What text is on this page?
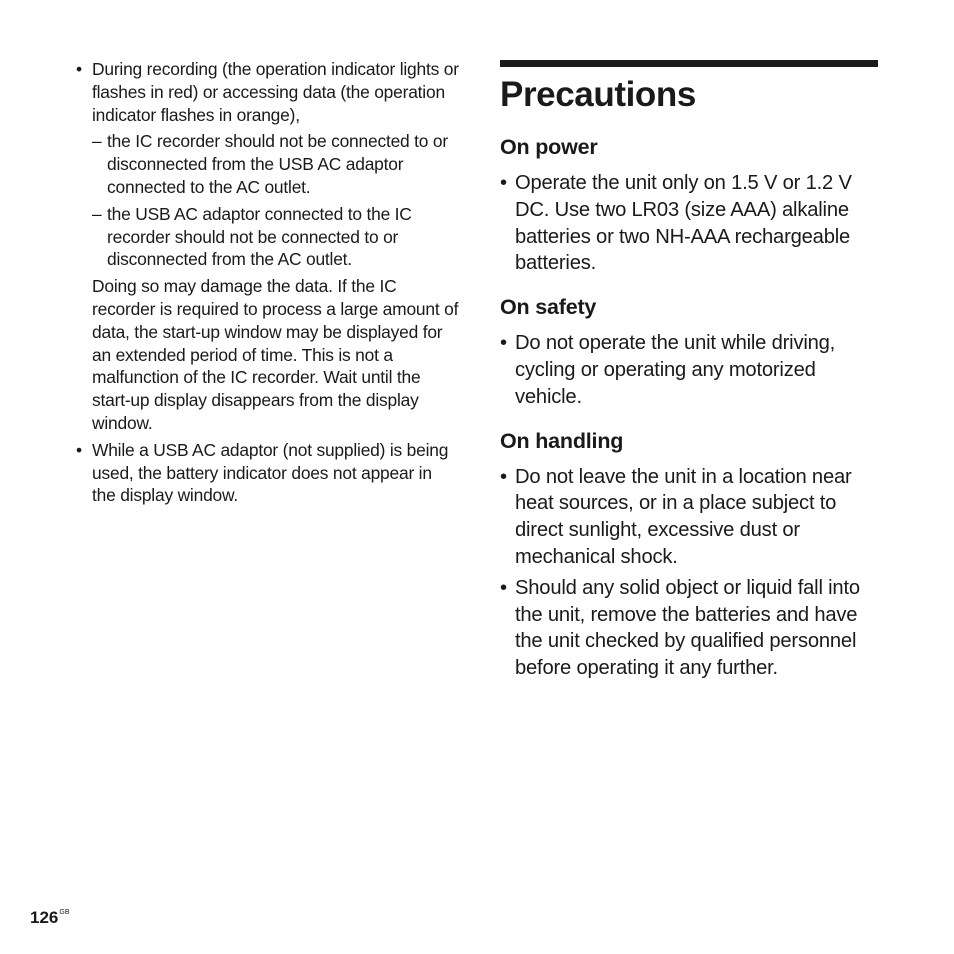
• During recording (the operation indicator lights or flashes in red) or accessing data (the operation indicator flashes in orange),
– the IC recorder should not be connected to or disconnected from the USB AC adaptor connected to the AC outlet.
– the USB AC adaptor connected to the IC recorder should not be connected to or disconnected from the AC outlet.
Doing so may damage the data. If the IC recorder is required to process a large amount of data, the start-up window may be displayed for an extended period of time. This is not a malfunction of the IC recorder. Wait until the start-up display disappears from the display window.
• While a USB AC adaptor (not supplied) is being used, the battery indicator does not appear in the display window.
Precautions
On power
• Operate the unit only on 1.5 V or 1.2 V DC. Use two LR03 (size AAA) alkaline batteries or two NH-AAA rechargeable batteries.
On safety
• Do not operate the unit while driving, cycling or operating any motorized vehicle.
On handling
• Do not leave the unit in a location near heat sources, or in a place subject to direct sunlight, excessive dust or mechanical shock.
• Should any solid object or liquid fall into the unit, remove the batteries and have the unit checked by qualified personnel before operating it any further.
$126^{GB}$
